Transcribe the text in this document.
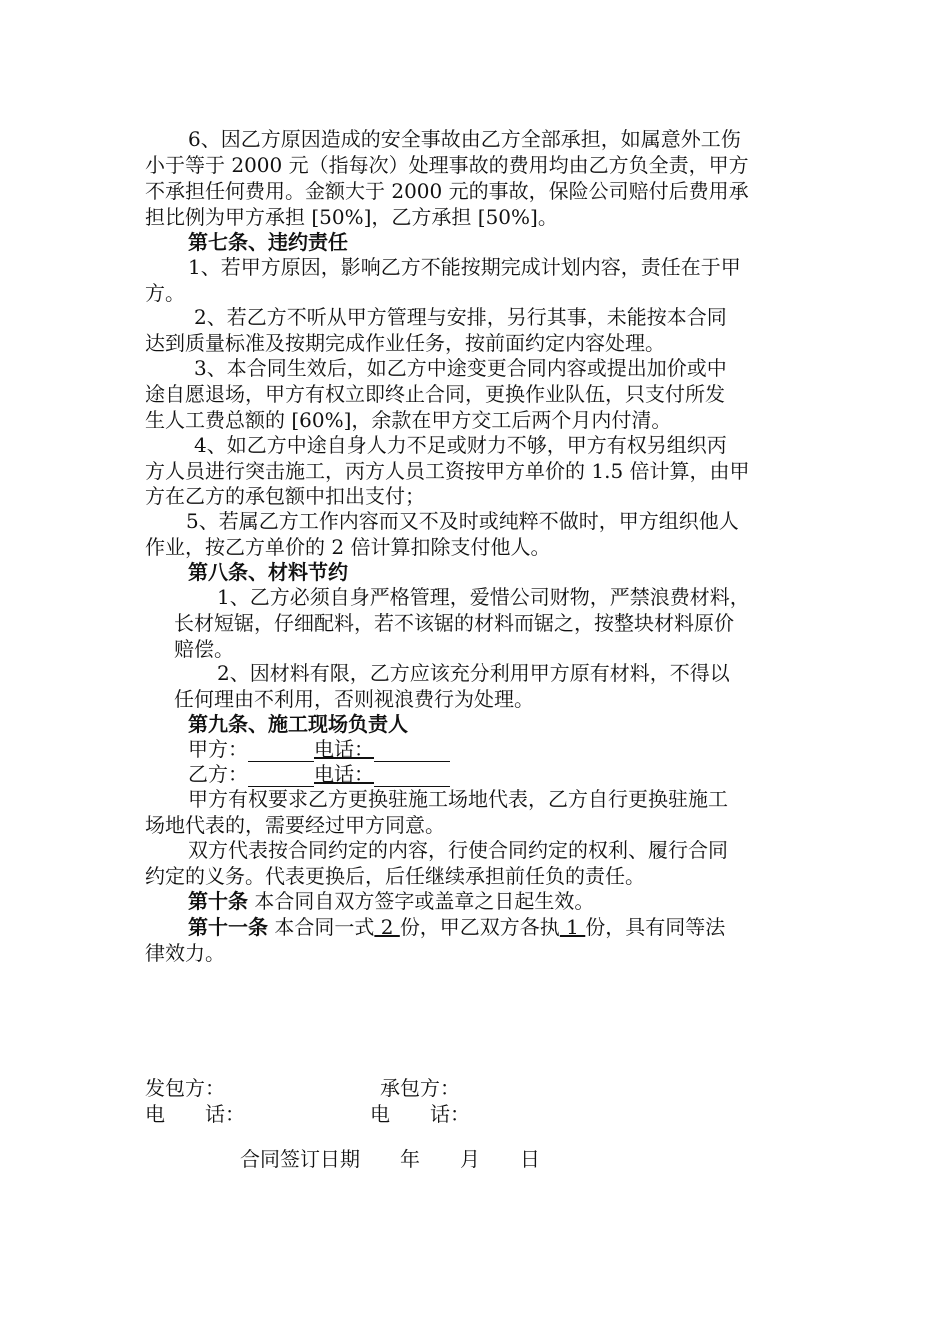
6、因乙方原因造成的安全事故由乙方全部承担，如属意外工伤
小于等于 2000 元（指每次）处理事故的费用均由乙方负全责，甲方
不承担任何费用。金额大于 2000 元的事故，保险公司赔付后费用承
担比例为甲方承担 [50%]，乙方承担 [50%]。
第七条、违约责任
1、若甲方原因，影响乙方不能按期完成计划内容，责任在于甲
方。
2、若乙方不听从甲方管理与安排，另行其事，未能按本合同
达到质量标准及按期完成作业任务，按前面约定内容处理。
3、本合同生效后，如乙方中途变更合同内容或提出加价或中
途自愿退场，甲方有权立即终止合同，更换作业队伍，只支付所发
生人工费总额的 [60%]，余款在甲方交工后两个月内付清。
4、如乙方中途自身人力不足或财力不够，甲方有权另组织丙
方人员进行突击施工，丙方人员工资按甲方单价的 1.5 倍计算，由甲
方在乙方的承包额中扣出支付；
5、若属乙方工作内容而又不及时或纯粹不做时，甲方组织他人
作业，按乙方单价的 2 倍计算扣除支付他人。
第八条、材料节约
1、乙方必须自身严格管理，爱惜公司财物，严禁浪费材料，
长材短锯，仔细配料，若不该锯的材料而锯之，按整块材料原价
赔偿。
2、因材料有限，乙方应该充分利用甲方原有材料，不得以
任何理由不利用，否则视浪费行为处理。
第九条、施工现场负责人
甲方：	电话：
乙方：	电话：
甲方有权要求乙方更换驻施工场地代表，乙方自行更换驻施工
场地代表的，需要经过甲方同意。
双方代表按合同约定的内容，行使合同约定的权利、履行合同
约定的义务。代表更换后，后任继续承担前任负的责任。
第十条 本合同自双方签字或盖章之日起生效。
第十一条 本合同一式 2 份，甲乙双方各执 1 份，具有同等法
律效力。
发包方：	承包方：
电　　话：	电　　话：
合同签订日期　　年　　月　　日
